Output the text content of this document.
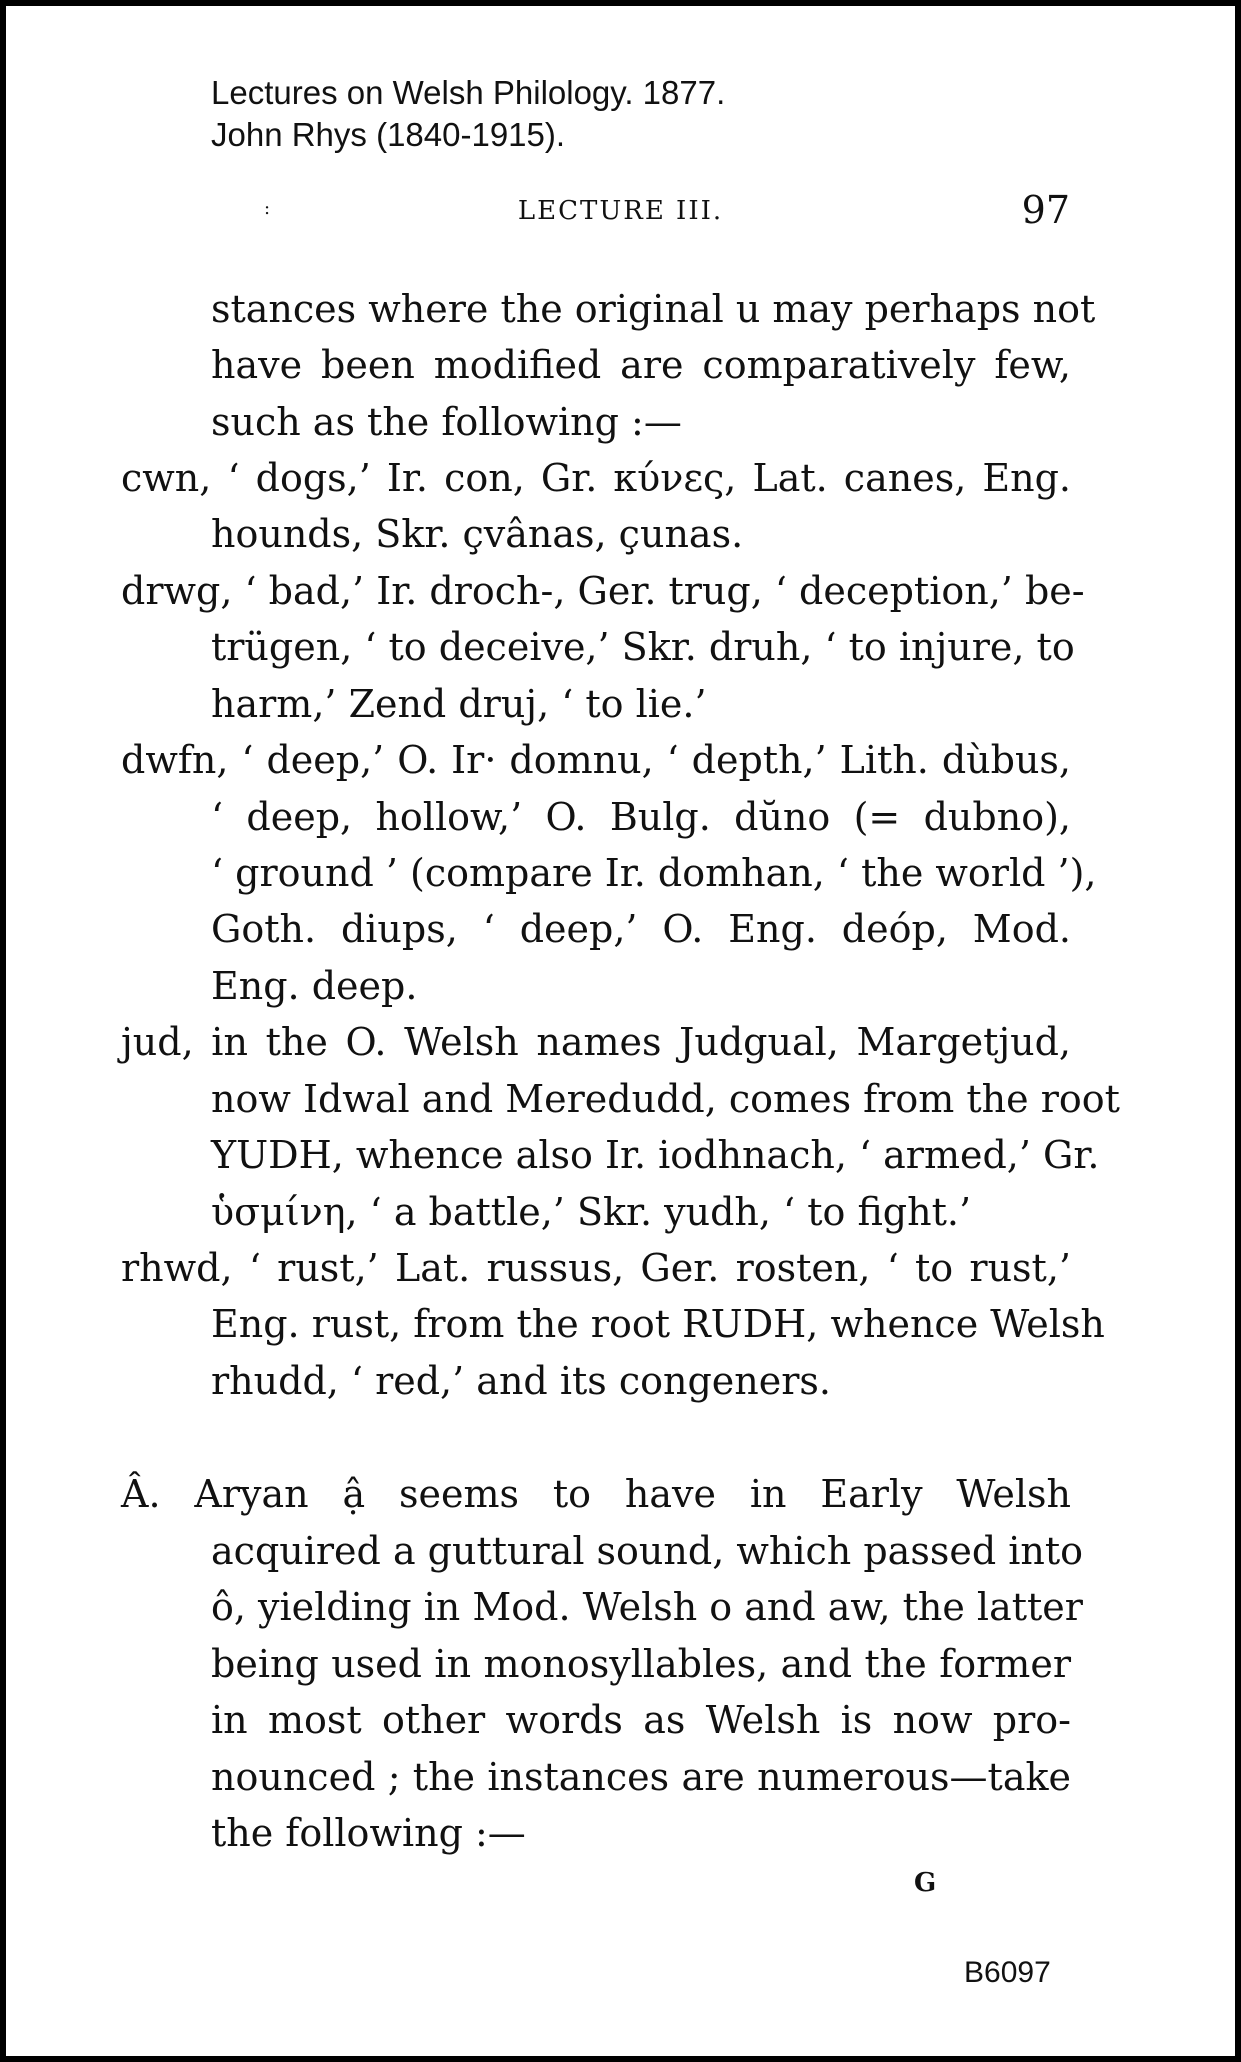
Lectures on Welsh Philology. 1877.
John Rhys (1840-1915).
:	LECTURE III.	97
stances where the original u may perhaps not
have been modified are comparatively few,
such as the following :—
cwn, ‘ dogs,’ Ir. con, Gr. κύνες, Lat. canes, Eng.
hounds, Skr. çvânas, çunas.
drwg, ‘ bad,’ Ir. droch-, Ger. trug, ‘ deception,’ be-
trügen, ‘ to deceive,’ Skr. druh, ‘ to injure, to
harm,’ Zend druj, ‘ to lie.’
dwfn, ‘ deep,’ O. Ir· domnu, ‘ depth,’ Lith. dùbus,
‘ deep, hollow,’ O. Bulg. dŭno (= dubno),
‘ ground ’ (compare Ir. domhan, ‘ the world ’),
Goth. diups, ‘ deep,’ O. Eng. deóp, Mod.
Eng. deep.
jud, in the O. Welsh names Judgual, Margetjud,
now Idwal and Meredudd, comes from the root
YUDH, whence also Ir. iodhnach, ‘ armed,’ Gr.
ὑσμίνη, ‘ a battle,’ Skr. yudh, ‘ to fight.’
rhwd, ‘ rust,’ Lat. russus, Ger. rosten, ‘ to rust,’
Eng. rust, from the root RUDH, whence Welsh
rhudd, ‘ red,’ and its congeners.
Â. Aryan ậ seems to have in Early Welsh
acquired a guttural sound, which passed into
ô, yielding in Mod. Welsh o and aw, the latter
being used in monosyllables, and the former
in most other words as Welsh is now pro-
nounced ; the instances are numerous—take
the following :—
G
B6097
